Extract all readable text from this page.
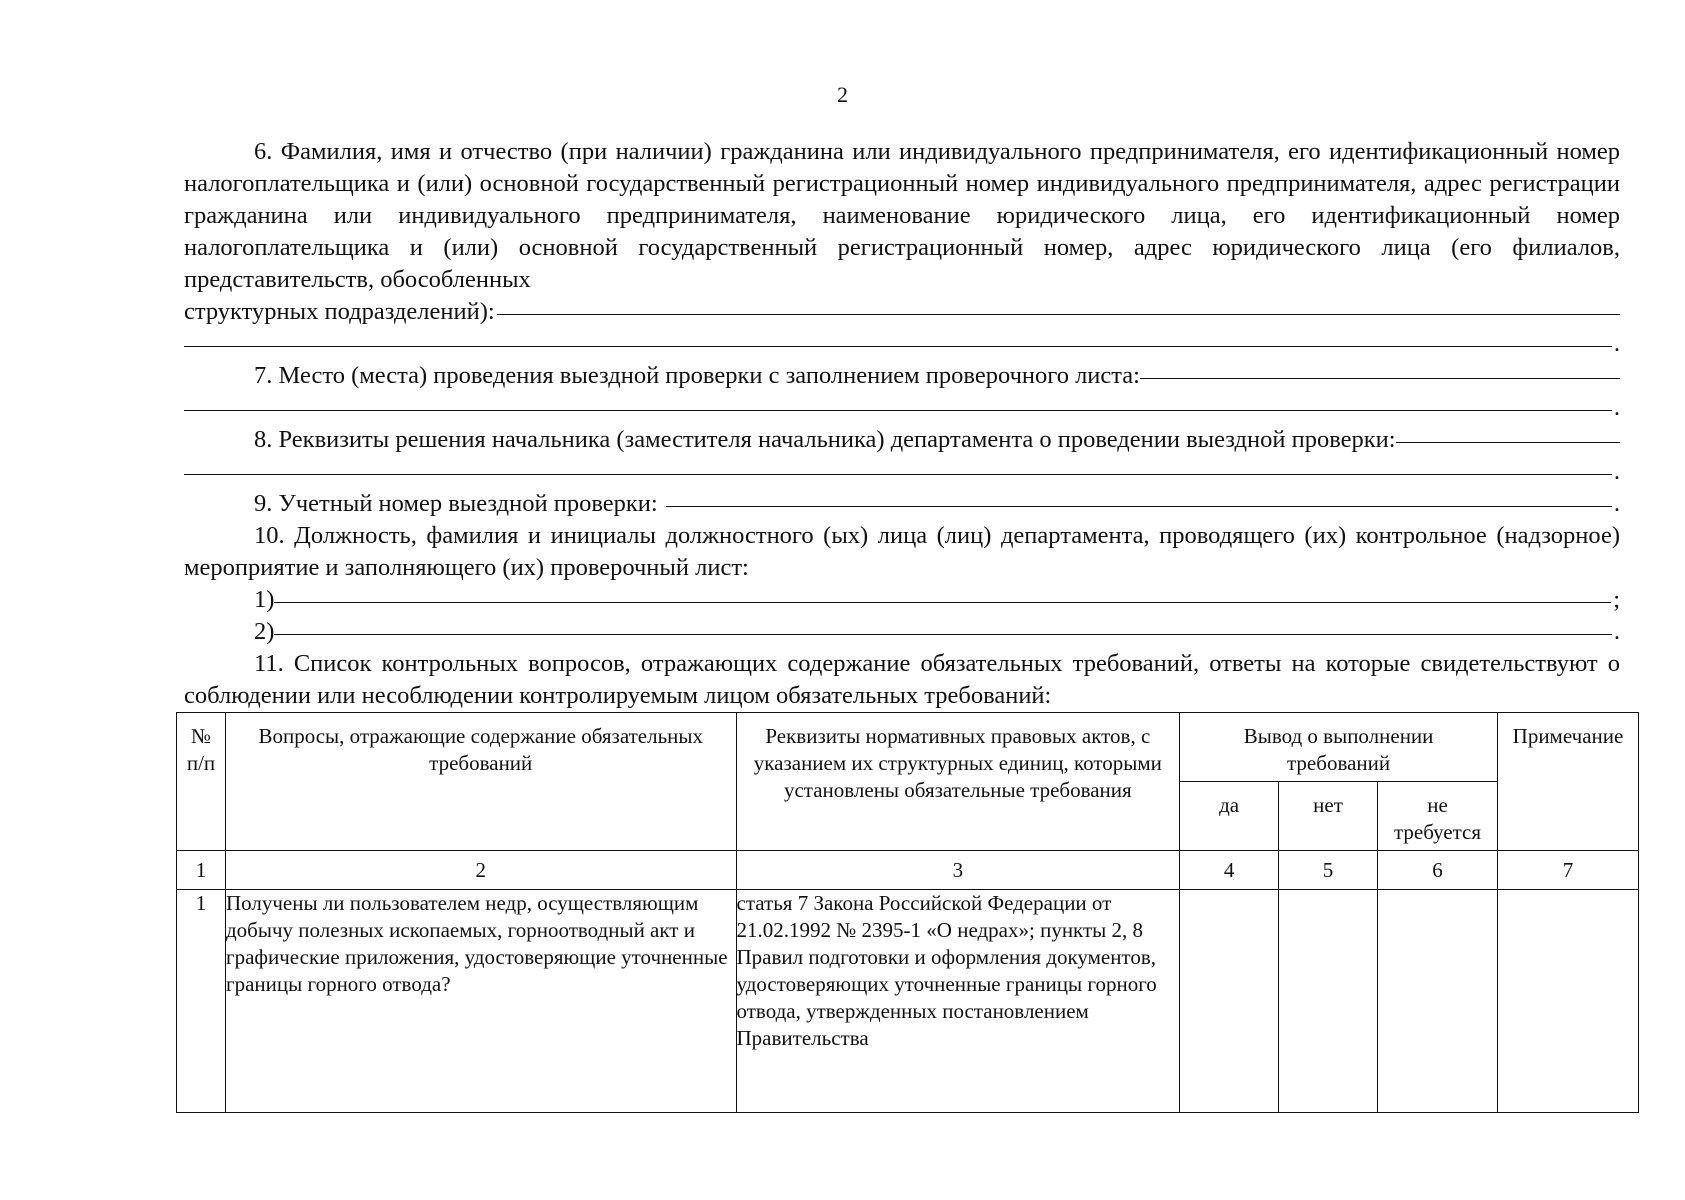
2

6. Фамилия, имя и отчество (при наличии) гражданина или индивидуального предпринимателя, его идентификационный номер налогоплательщика и (или) основной государственный регистрационный номер индивидуального предпринимателя, адрес регистрации гражданина или индивидуального предпринимателя, наименование юридического лица, его идентификационный номер налогоплательщика и (или) основной государственный регистрационный номер, адрес юридического лица (его филиалов, представительств, обособленных

структурных подразделений):
.
7. Место (места) проведения выездной проверки с заполнением проверочного листа:
.
8. Реквизиты решения начальника (заместителя начальника) департамента о проведении выездной проверки:
.
9. Учетный номер выездной проверки:	.

10. Должность, фамилия и инициалы должностного (ых) лица (лиц) департамента, проводящего (их) контрольное (надзорное) мероприятие и заполняющего (их) проверочный лист:

1)	;
2)	.

11. Список контрольных вопросов, отражающих содержание обязательных требований, ответы на которые свидетельствуют о соблюдении или несоблюдении контролируемым лицом обязательных требований:

№ п/п	Вопросы, отражающие содержание обязательных требований	Реквизиты нормативных правовых актов, с указанием их структурных единиц, которыми установлены обязательные требования	Вывод о выполнении требований			Примечание
			да	нет	не требуется	
1	2	3	4	5	6	7
1	Получены ли пользователем недр, осуществляющим добычу полезных ископаемых, горноотводный акт и графические приложения, удостоверяющие уточненные границы горного отвода?	статья 7 Закона Российской Федерации от 21.02.1992 № 2395-1 «О недрах»; пункты 2, 8 Правил подготовки и оформления документов, удостоверяющих уточненные границы горного отвода, утвержденных постановлением Правительства				
